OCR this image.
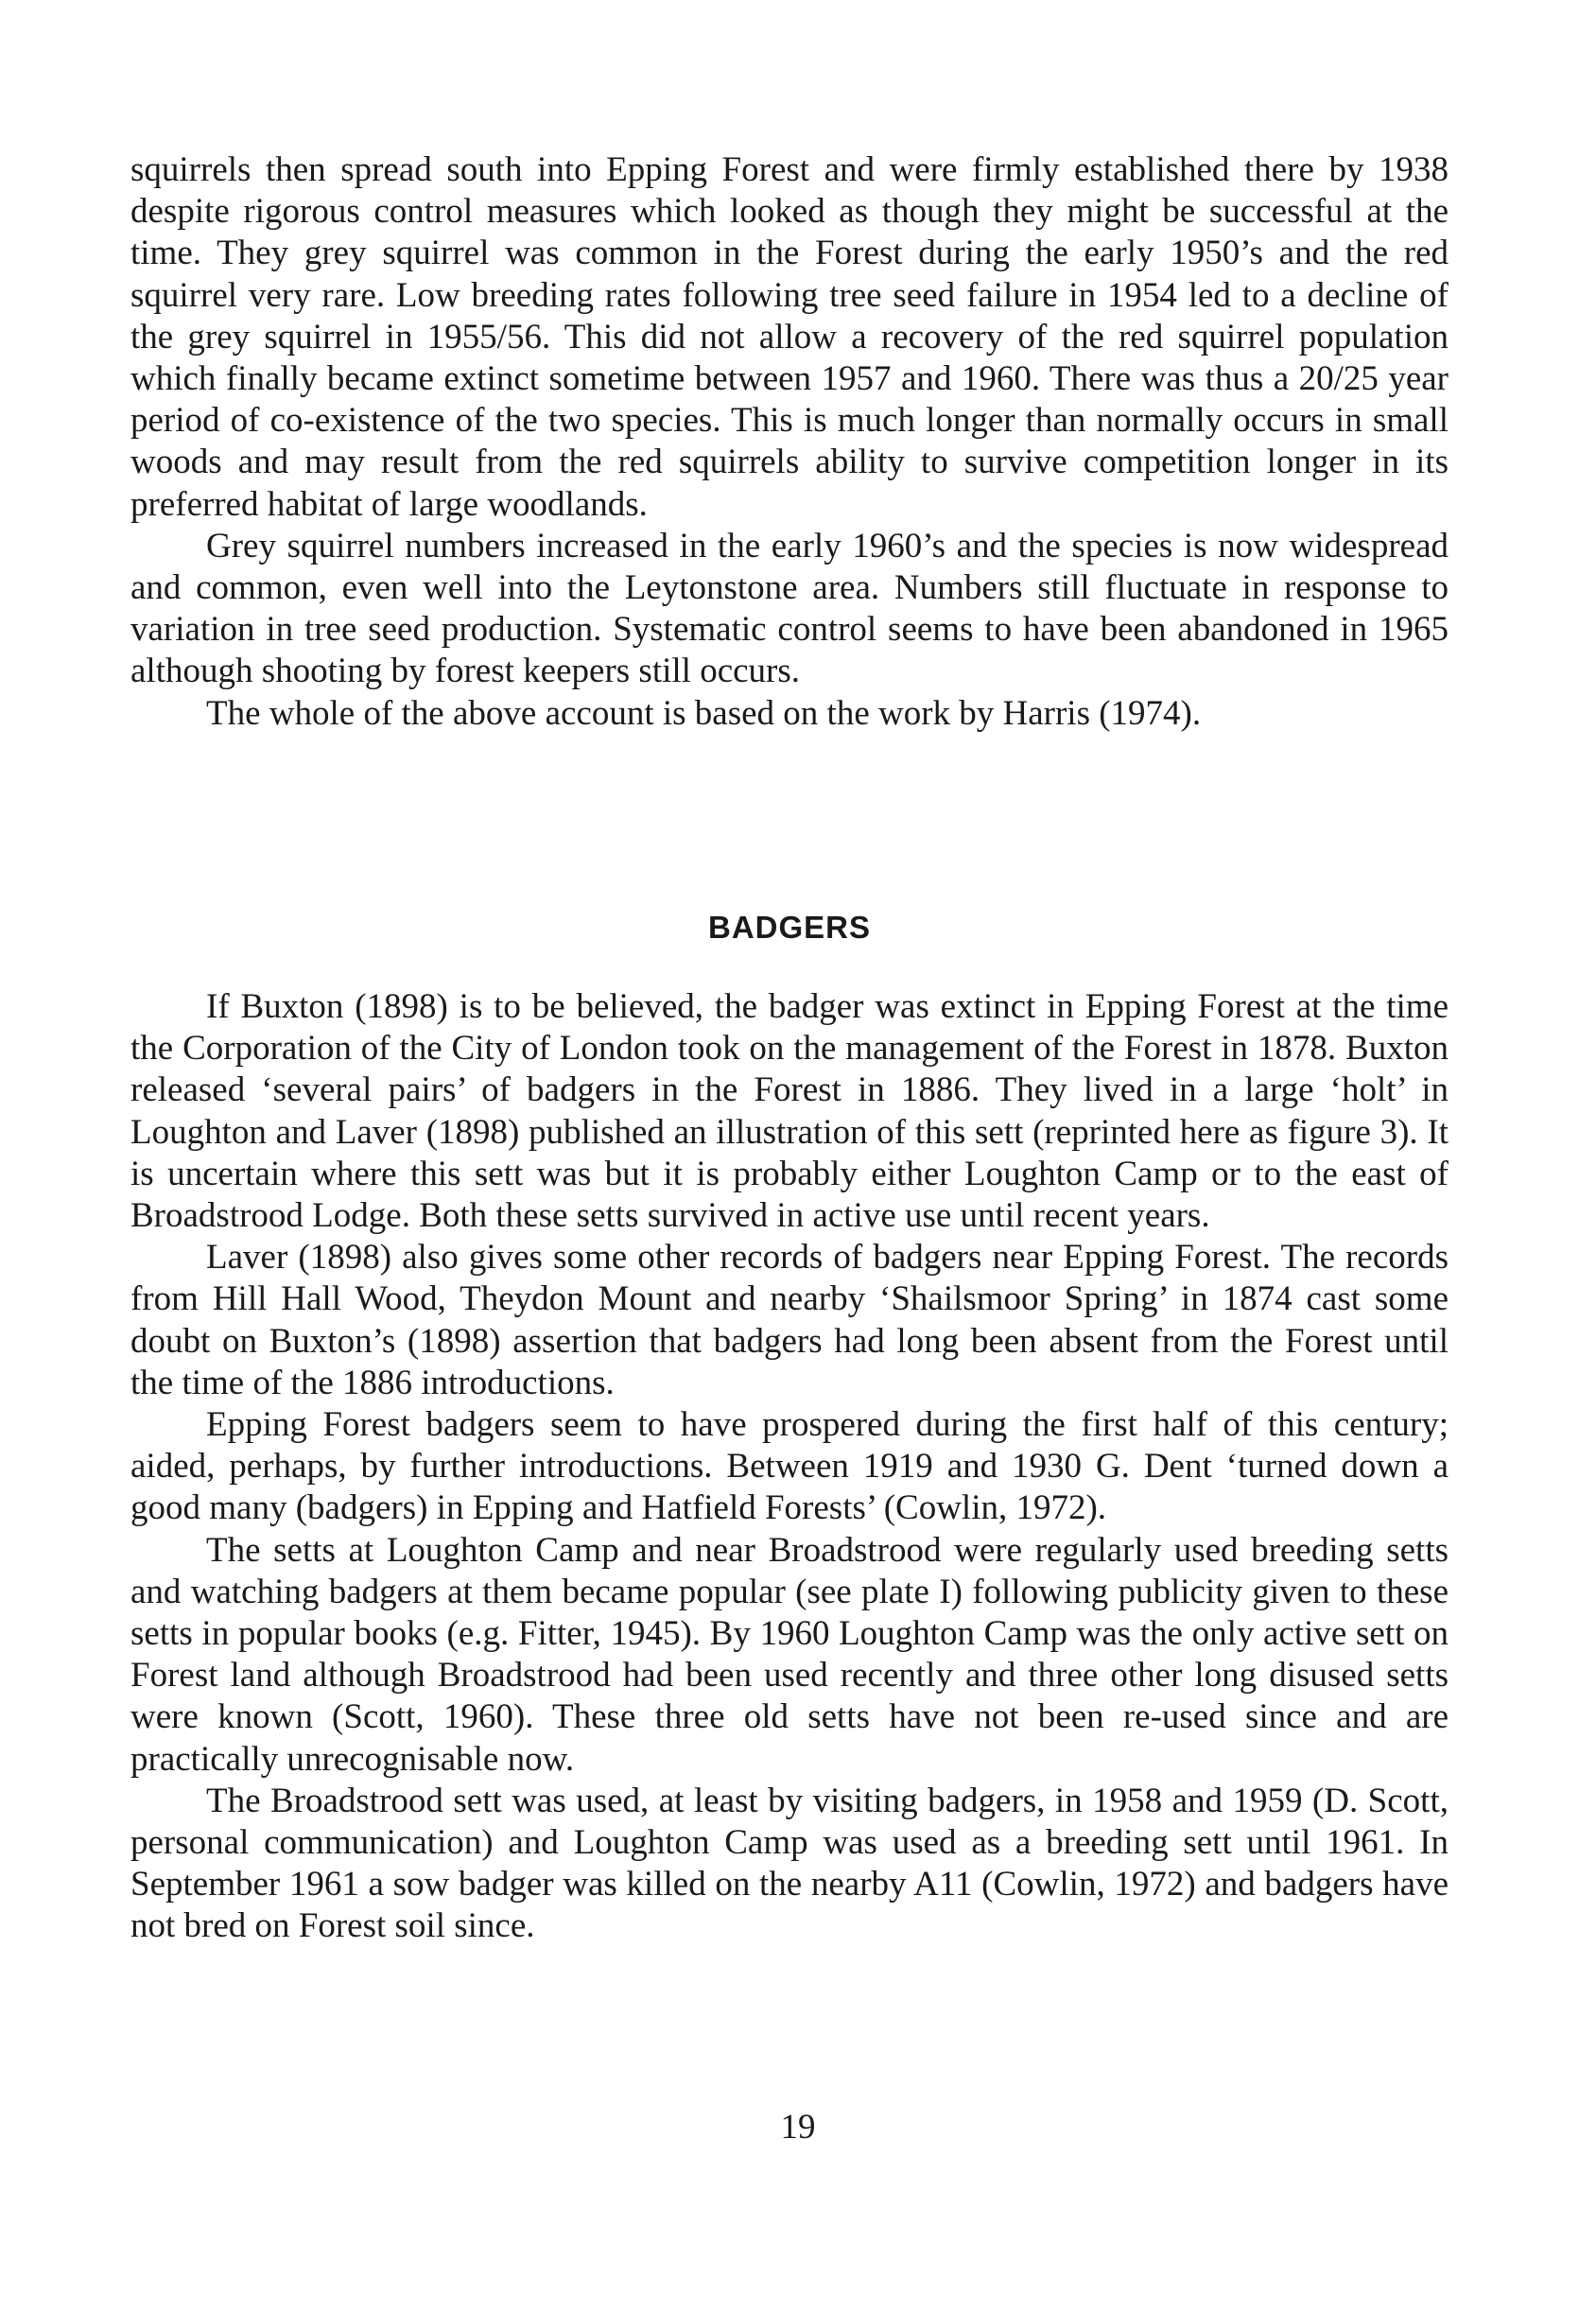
squirrels then spread south into Epping Forest and were firmly established there by 1938 despite rigorous control measures which looked as though they might be successful at the time. They grey squirrel was common in the Forest during the early 1950’s and the red squirrel very rare. Low breeding rates following tree seed failure in 1954 led to a decline of the grey squirrel in 1955/56. This did not allow a recovery of the red squirrel population which finally became extinct sometime between 1957 and 1960. There was thus a 20/25 year period of co-existence of the two species. This is much longer than normally occurs in small woods and may result from the red squirrels ability to survive competition longer in its preferred habitat of large woodlands.

Grey squirrel numbers increased in the early 1960’s and the species is now widespread and common, even well into the Leytonstone area. Numbers still fluctuate in response to variation in tree seed production. Systematic control seems to have been abandoned in 1965 although shooting by forest keepers still occurs.

The whole of the above account is based on the work by Harris (1974).

BADGERS

If Buxton (1898) is to be believed, the badger was extinct in Epping Forest at the time the Corporation of the City of London took on the management of the Forest in 1878. Buxton released ‘several pairs’ of badgers in the Forest in 1886. They lived in a large ‘holt’ in Loughton and Laver (1898) published an illustration of this sett (reprinted here as figure 3). It is uncertain where this sett was but it is probably either Loughton Camp or to the east of Broadstrood Lodge. Both these setts survived in active use until recent years.

Laver (1898) also gives some other records of badgers near Epping Forest. The records from Hill Hall Wood, Theydon Mount and nearby ‘Shailsmoor Spring’ in 1874 cast some doubt on Buxton’s (1898) assertion that badgers had long been absent from the Forest until the time of the 1886 introductions.

Epping Forest badgers seem to have prospered during the first half of this century; aided, perhaps, by further introductions. Between 1919 and 1930 G. Dent ‘turned down a good many (badgers) in Epping and Hatfield Forests’ (Cowlin, 1972).

The setts at Loughton Camp and near Broadstrood were regularly used breeding setts and watching badgers at them became popular (see plate I) following publicity given to these setts in popular books (e.g. Fitter, 1945). By 1960 Loughton Camp was the only active sett on Forest land although Broadstrood had been used recently and three other long disused setts were known (Scott, 1960). These three old setts have not been re-used since and are practically unrecognisable now.

The Broadstrood sett was used, at least by visiting badgers, in 1958 and 1959 (D. Scott, personal communication) and Loughton Camp was used as a breeding sett until 1961. In September 1961 a sow badger was killed on the nearby A11 (Cowlin, 1972) and badgers have not bred on Forest soil since.

19
